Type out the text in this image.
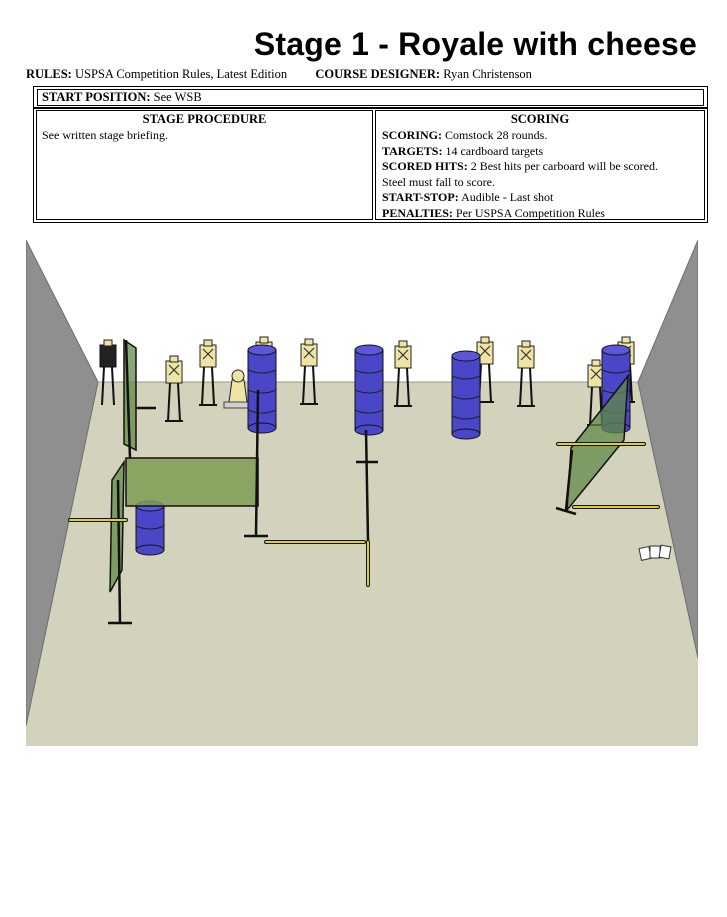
Stage 1 - Royale with cheese
RULES: USPSA Competition Rules, Latest Edition COURSE DESIGNER: Ryan Christenson
START POSITION: See WSB
STAGE PROCEDURE
See written stage briefing.
SCORING
SCORING: Comstock 28 rounds.
TARGETS: 14 cardboard targets
SCORED HITS: 2 Best hits per carboard will be scored.
Steel must fall to score.
START-STOP: Audible - Last shot
PENALTIES: Per USPSA Competition Rules
